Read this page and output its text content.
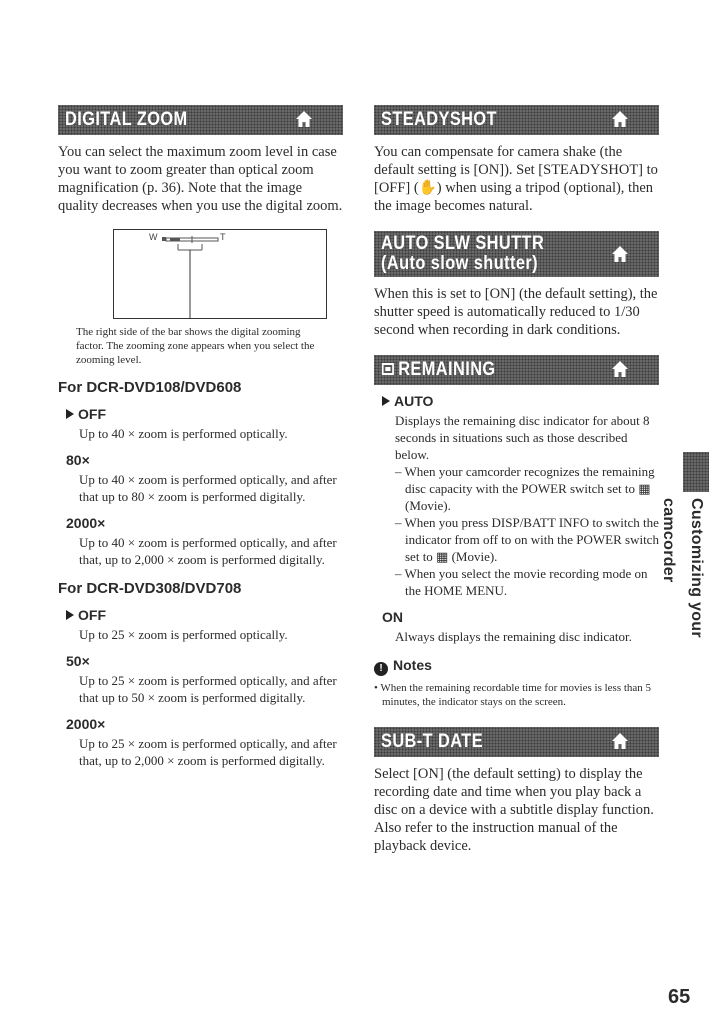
DIGITAL ZOOM

You can select the maximum zoom level in case you want to zoom greater than optical zoom magnification (p. 36). Note that the image quality decreases when you use the digital zoom.

W	T

The right side of the bar shows the digital zooming factor. The zooming zone appears when you select the zooming level.

For DCR-DVD108/DVD608

OFF

Up to 40 × zoom is performed optically.

80×

Up to 40 × zoom is performed optically, and after that up to 80 × zoom is performed digitally.

2000×

Up to 40 × zoom is performed optically, and after that, up to 2,000 × zoom is performed digitally.

For DCR-DVD308/DVD708

OFF

Up to 25 × zoom is performed optically.

50×

Up to 25 × zoom is performed optically, and after that up to 50 × zoom is performed digitally.

2000×

Up to 25 × zoom is performed optically, and after that, up to 2,000 × zoom is performed digitally.

STEADYSHOT

You can compensate for camera shake (the default setting is [ON]). Set [STEADYSHOT] to [OFF] (✋) when using a tripod (optional), then the image becomes natural.

AUTO SLW SHUTTR
(Auto slow shutter)

When this is set to [ON] (the default setting), the shutter speed is automatically reduced to 1/30 second when recording in dark conditions.

REMAINING

AUTO

Displays the remaining disc indicator for about 8 seconds in situations such as those described below.

– When your camcorder recognizes the remaining disc capacity with the POWER switch set to ▦ (Movie).

– When you press DISP/BATT INFO to switch the indicator from off to on with the POWER switch set to ▦ (Movie).

– When you select the movie recording mode on the HOME MENU.

ON

Always displays the remaining disc indicator.

! Notes

• When the remaining recordable time for movies is less than 5 minutes, the indicator stays on the screen.

SUB-T DATE

Select [ON] (the default setting) to display the recording date and time when you play back a disc on a device with a subtitle display function. Also refer to the instruction manual of the playback device.

Customizing your camcorder
65
